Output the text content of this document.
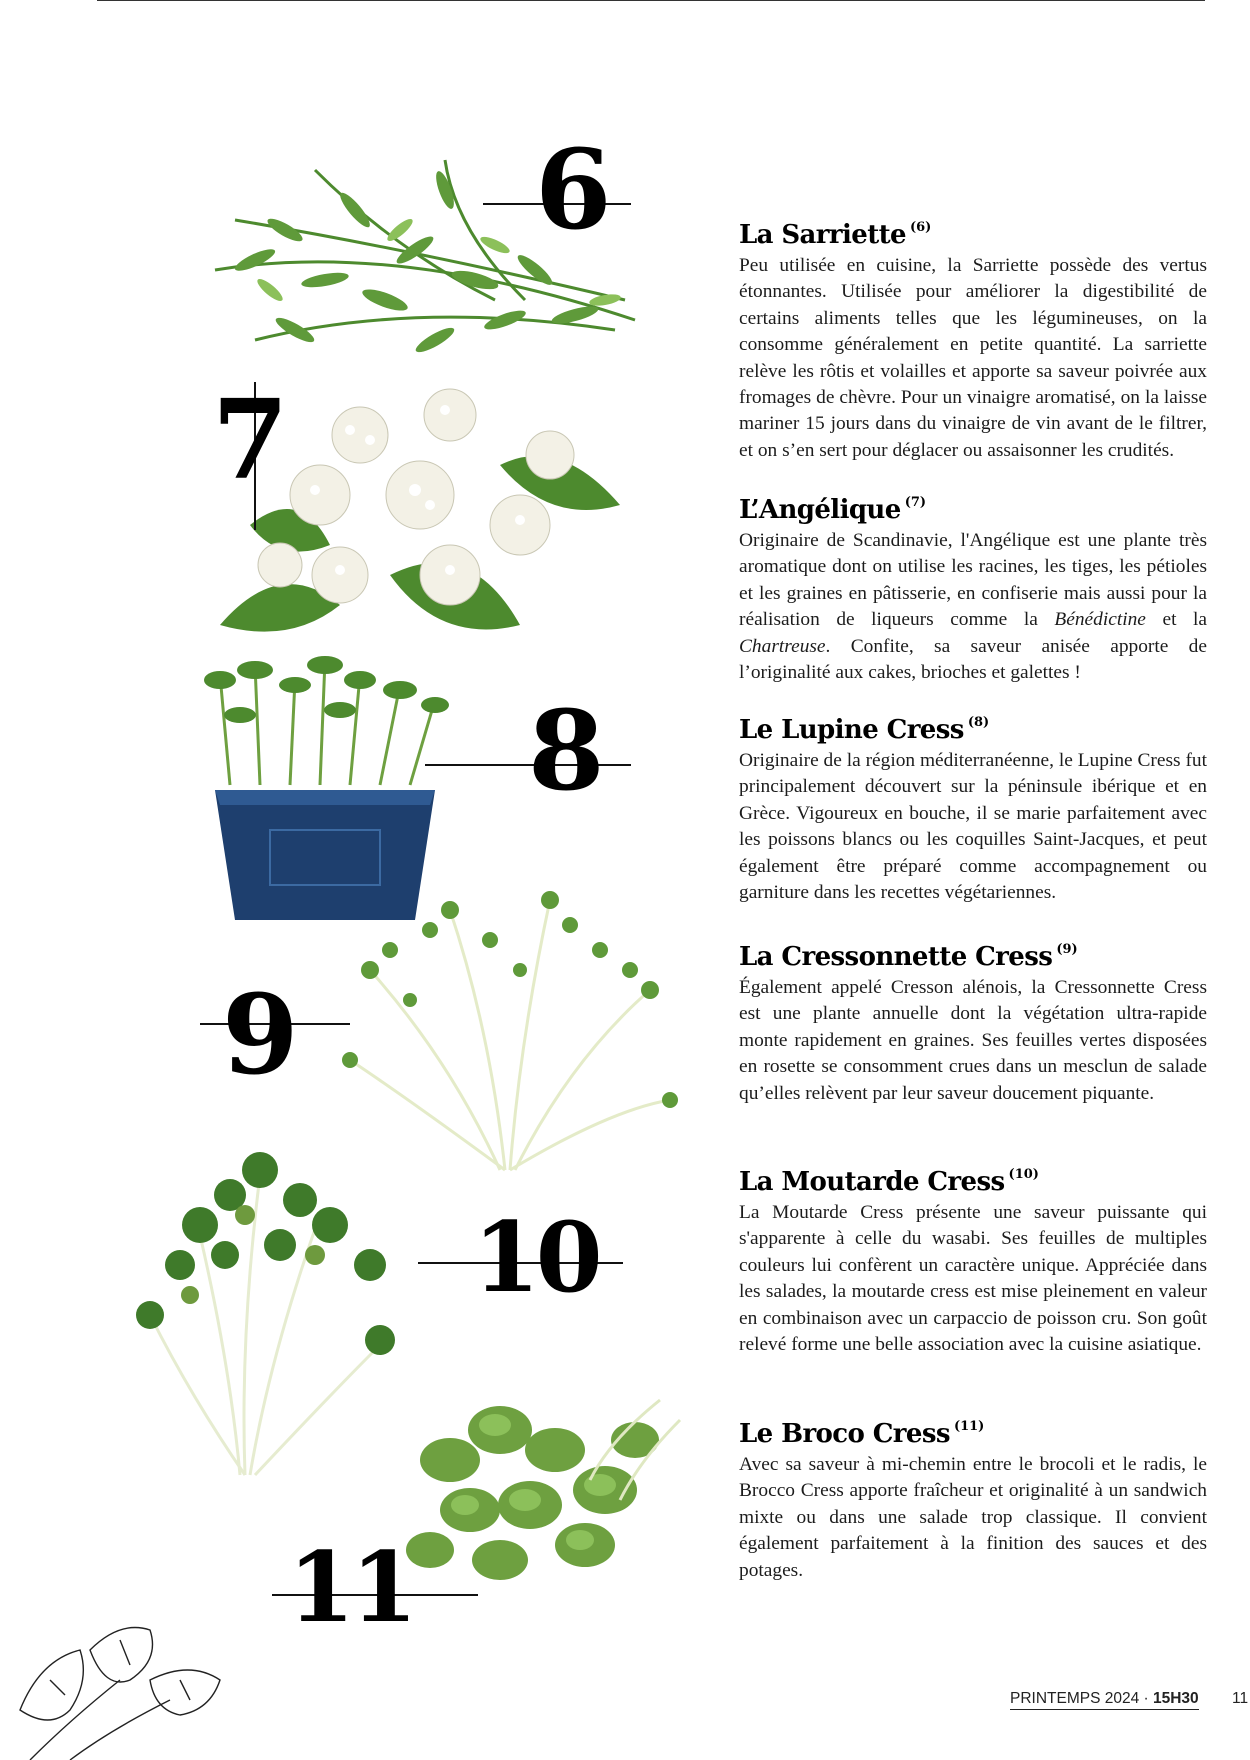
6
7
8
9
10
11
La Sarriette $^{(6)}$

Peu utilisée en cuisine, la Sarriette possède des vertus étonnantes. Utilisée pour améliorer la digestibilité de certains aliments telles que les légumineuses, on la consomme généralement en petite quantité. La sarriette relève les rôtis et volailles et apporte sa saveur poivrée aux fromages de chèvre. Pour un vinaigre aromatisé, on la laisse mariner 15 jours dans du vinaigre de vin avant de le filtrer, et on s’en sert pour déglacer ou assaisonner les crudités.

L’Angélique $^{(7)}$

Originaire de Scandinavie, l'Angélique est une plante très aromatique dont on utilise les racines, les tiges, les pétioles et les graines en pâtisserie, en confiserie mais aussi pour la réalisation de liqueurs comme la Bénédictine et la Chartreuse. Confite, sa saveur anisée apporte de l’originalité aux cakes, brioches et galettes !

Le Lupine Cress $^{(8)}$

Originaire de la région méditerranéenne, le Lupine Cress fut principalement découvert sur la péninsule ibérique et en Grèce. Vigoureux en bouche, il se marie parfaitement avec les poissons blancs ou les coquilles Saint-Jacques, et peut également être préparé comme accompagnement ou garniture dans les recettes végétariennes.

La Cressonnette Cress $^{(9)}$

Également appelé Cresson alénois, la Cressonnette Cress est une plante annuelle dont la végétation ultra-rapide monte rapidement en graines. Ses feuilles vertes disposées en rosette se consomment crues dans un mesclun de salade qu’elles relèvent par leur saveur doucement piquante.

La Moutarde Cress $^{(10)}$

La Moutarde Cress présente une saveur puissante qui s'apparente à celle du wasabi. Ses feuilles de multiples couleurs lui confèrent un caractère unique. Appréciée dans les salades, la moutarde cress est mise pleinement en valeur en combinaison avec un carpaccio de poisson cru. Son goût relevé forme une belle association avec la cuisine asiatique.

Le Broco Cress $^{(11)}$

Avec sa saveur à mi-chemin entre le brocoli et le radis, le Brocco Cress apporte fraîcheur et originalité à un sandwich mixte ou dans une salade trop classique. Il convient également parfaitement à la finition des sauces et des potages.

PRINTEMPS 2024 · 15H30 11
